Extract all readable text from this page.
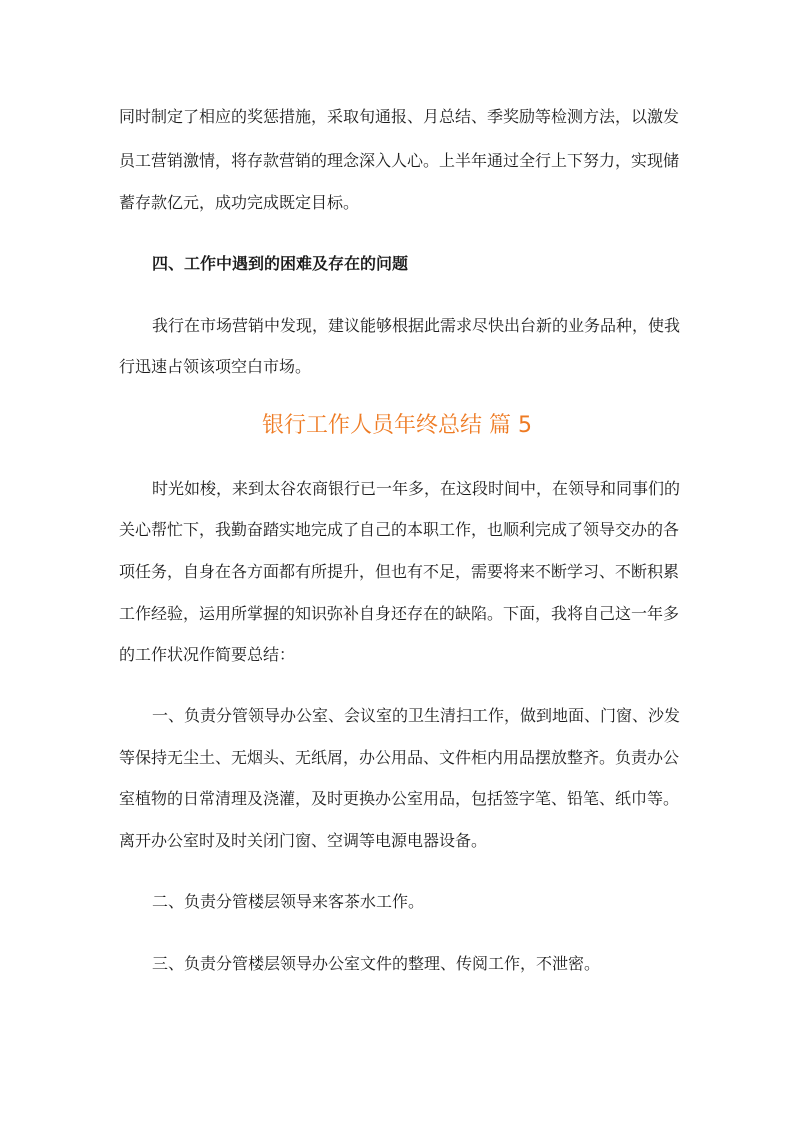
同时制定了相应的奖惩措施，采取旬通报、月总结、季奖励等检测方法，以激发
员工营销激情，将存款营销的理念深入人心。上半年通过全行上下努力，实现储
蓄存款亿元，成功完成既定目标。
四、工作中遇到的困难及存在的问题
我行在市场营销中发现，建议能够根据此需求尽快出台新的业务品种，使我
行迅速占领该项空白市场。
银行工作人员年终总结 篇 5
时光如梭，来到太谷农商银行已一年多，在这段时间中，在领导和同事们的
关心帮忙下，我勤奋踏实地完成了自己的本职工作，也顺利完成了领导交办的各
项任务，自身在各方面都有所提升，但也有不足，需要将来不断学习、不断积累
工作经验，运用所掌握的知识弥补自身还存在的缺陷。下面，我将自己这一年多
的工作状况作简要总结：
一、负责分管领导办公室、会议室的卫生清扫工作，做到地面、门窗、沙发
等保持无尘土、无烟头、无纸屑，办公用品、文件柜内用品摆放整齐。负责办公
室植物的日常清理及浇灌，及时更换办公室用品，包括签字笔、铅笔、纸巾等。
离开办公室时及时关闭门窗、空调等电源电器设备。
二、负责分管楼层领导来客茶水工作。
三、负责分管楼层领导办公室文件的整理、传阅工作，不泄密。
